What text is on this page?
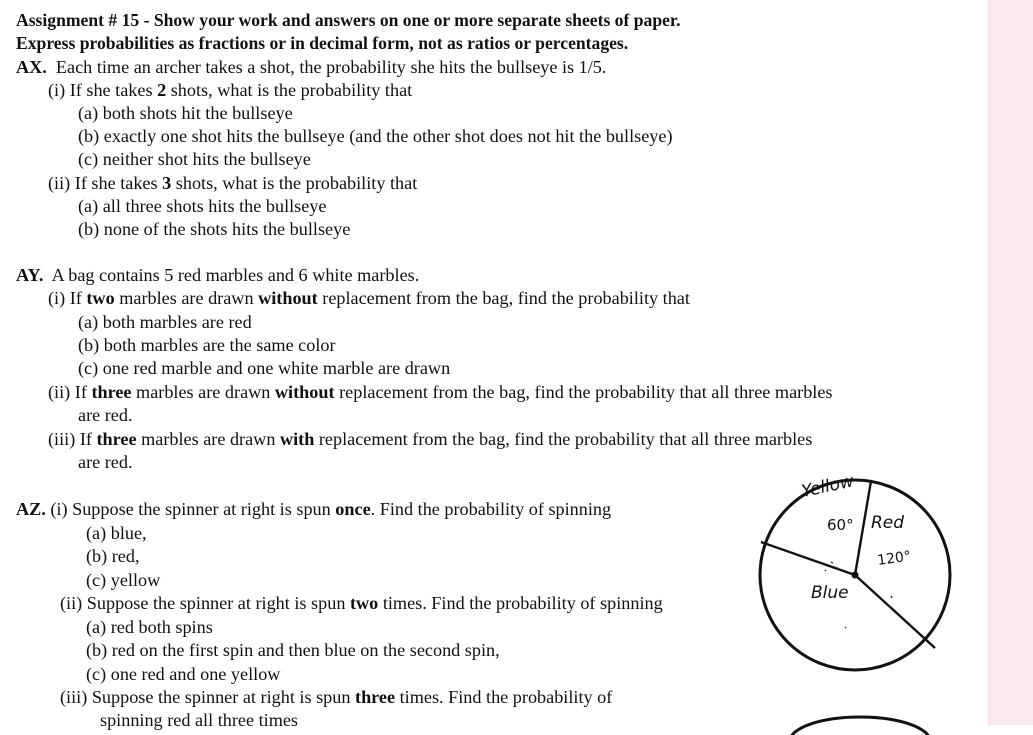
Assignment # 15 - Show your work and answers on one or more separate sheets of paper.
Express probabilities as fractions or in decimal form, not as ratios or percentages.
AX. Each time an archer takes a shot, the probability she hits the bullseye is 1/5.
(i) If she takes 2 shots, what is the probability that
(a) both shots hit the bullseye
(b) exactly one shot hits the bullseye (and the other shot does not hit the bullseye)
(c) neither shot hits the bullseye
(ii) If she takes 3 shots, what is the probability that
(a) all three shots hits the bullseye
(b) none of the shots hits the bullseye
AY. A bag contains 5 red marbles and 6 white marbles.
(i) If two marbles are drawn without replacement from the bag, find the probability that
(a) both marbles are red
(b) both marbles are the same color
(c) one red marble and one white marble are drawn
(ii) If three marbles are drawn without replacement from the bag, find the probability that all three marbles
are red.
(iii) If three marbles are drawn with replacement from the bag, find the probability that all three marbles
are red.
AZ. (i) Suppose the spinner at right is spun once. Find the probability of spinning
(a) blue,
(b) red,
(c) yellow
(ii) Suppose the spinner at right is spun two times. Find the probability of spinning
(a) red both spins
(b) red on the first spin and then blue on the second spin,
(c) one red and one yellow
(iii) Suppose the spinner at right is spun three times. Find the probability of
spinning red all three times
Yellow
60° Red
120°
Blue
